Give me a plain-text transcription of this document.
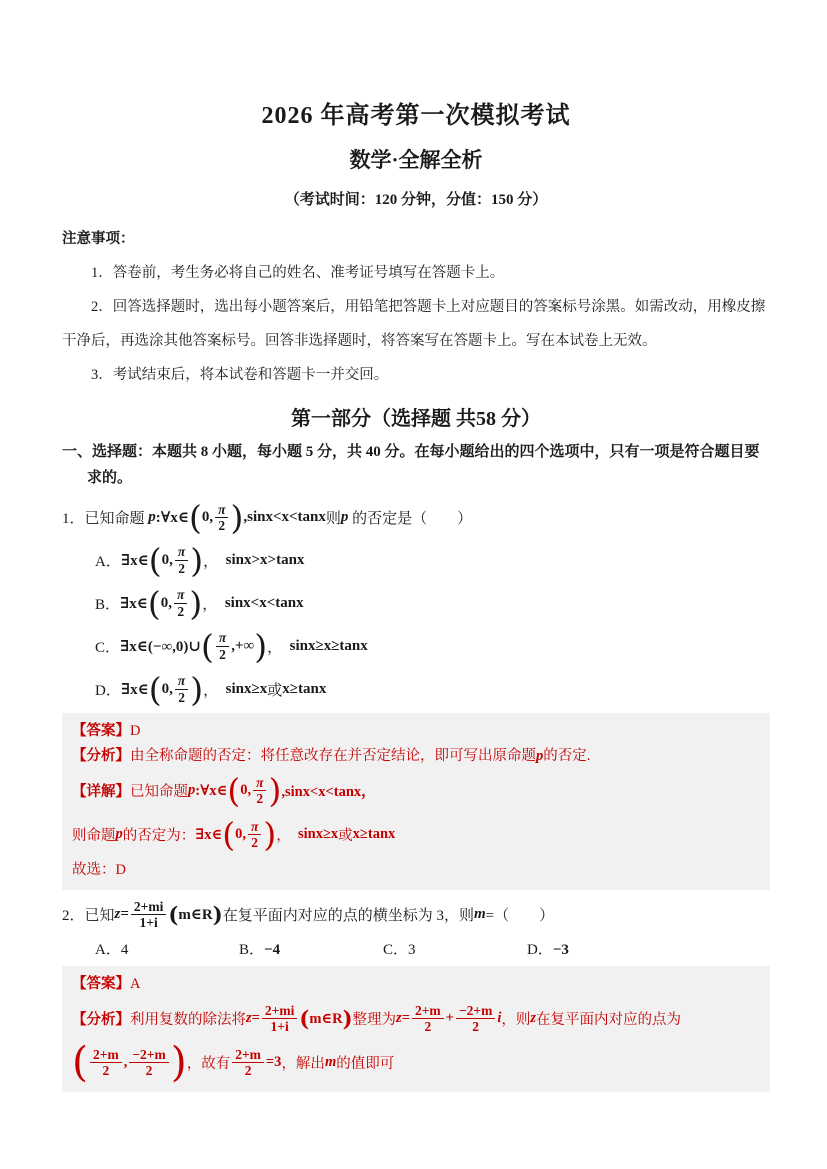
2026 年高考第一次模拟考试
数学·全解全析
（考试时间：120 分钟，分值：150 分）

注意事项：

1．答卷前，考生务必将自己的姓名、准考证号填写在答题卡上。

2．回答选择题时，选出每小题答案后，用铅笔把答题卡上对应题目的答案标号涂黑。如需改动，用橡皮擦干净后，再选涂其他答案标号。回答非选择题时，将答案写在答题卡上。写在本试卷上无效。

3．考试结束后，将本试卷和答题卡一并交回。

第一部分（选择题 共58 分）

一、选择题：本题共 8 小题，每小题 5 分，共 40 分。在每小题给出的四个选项中，只有一项是符合题目要求的。

1．已知命题 p :∀x∈ ( 0, $\frac{\pi}{2}$ ) ,sinx<x<tanx 则 p 的否定是（　　）
A． ∃x∈ ( 0, $\frac{\pi}{2}$ ) ， sinx>x>tanx
B． ∃x∈ ( 0, $\frac{\pi}{2}$ ) ， sinx<x<tanx
C． ∃x∈(−∞,0)∪ ( $\frac{\pi}{2}$ ,+∞ ) ， sinx≥x≥tanx
D． ∃x∈ ( 0, $\frac{\pi}{2}$ ) ， sinx≥x 或 x≥tanx

【答案】D

【分析】由全称命题的否定：将任意改存在并否定结论，即可写出原命题p的否定.

【详解】 已知命题 p :∀x∈ ( 0, $\frac{\pi}{2}$ ) ,sinx<x<tanx，
则命题 p 的否定为： ∃x∈ ( 0, $\frac{\pi}{2}$ ) ， sinx≥x 或 x≥tanx

故选：D

2．已知 $z = \frac{2+mi}{1+i}$ ( m∈R ) 在复平面内对应的点的横坐标为 3，则 m =（　　）
A．4	B．−4	C．3	D．−3

【答案】A

【分析】 利用复数的除法将 $z = \frac{2+mi}{1+i}$ ( m∈R ) 整理为 $z = \frac{2+m}{2} + \frac{-2+m}{2}$ i ，则 z 在复平面内对应的点为
( $\frac{2+m}{2}$ , $\frac{-2+m}{2}$ ) ，故有 $\frac{2+m}{2} =3$ ，解出 m 的值即可
